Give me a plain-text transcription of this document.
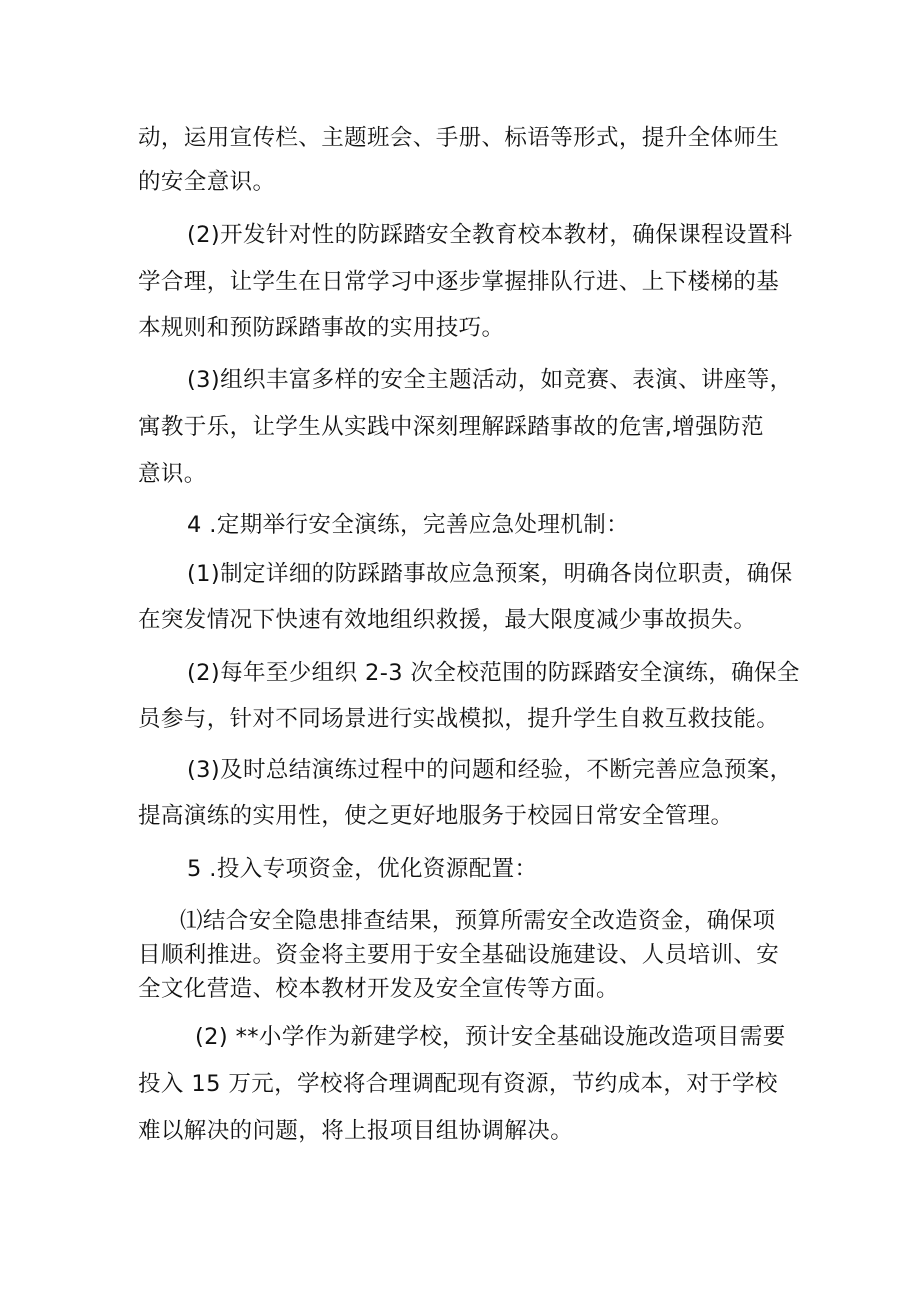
动，运用宣传栏、主题班会、手册、标语等形式，提升全体师生
的安全意识。
(2)开发针对性的防踩踏安全教育校本教材，确保课程设置科
学合理，让学生在日常学习中逐步掌握排队行进、上下楼梯的基
本规则和预防踩踏事故的实用技巧。
(3)组织丰富多样的安全主题活动，如竞赛、表演、讲座等，
寓教于乐，让学生从实践中深刻理解踩踏事故的危害,增强防范
意识。
4 .定期举行安全演练，完善应急处理机制：
(1)制定详细的防踩踏事故应急预案，明确各岗位职责，确保
在突发情况下快速有效地组织救援，最大限度减少事故损失。
(2)每年至少组织 2-3 次全校范围的防踩踏安全演练，确保全
员参与，针对不同场景进行实战模拟，提升学生自救互救技能。
(3)及时总结演练过程中的问题和经验，不断完善应急预案，
提高演练的实用性，使之更好地服务于校园日常安全管理。
5 .投入专项资金，优化资源配置：
⑴结合安全隐患排查结果，预算所需安全改造资金，确保项
目顺利推进。资金将主要用于安全基础设施建设、人员培训、安
全文化营造、校本教材开发及安全宣传等方面。
(2) **小学作为新建学校，预计安全基础设施改造项目需要
投入 15 万元，学校将合理调配现有资源，节约成本，对于学校
难以解决的问题，将上报项目组协调解决。
